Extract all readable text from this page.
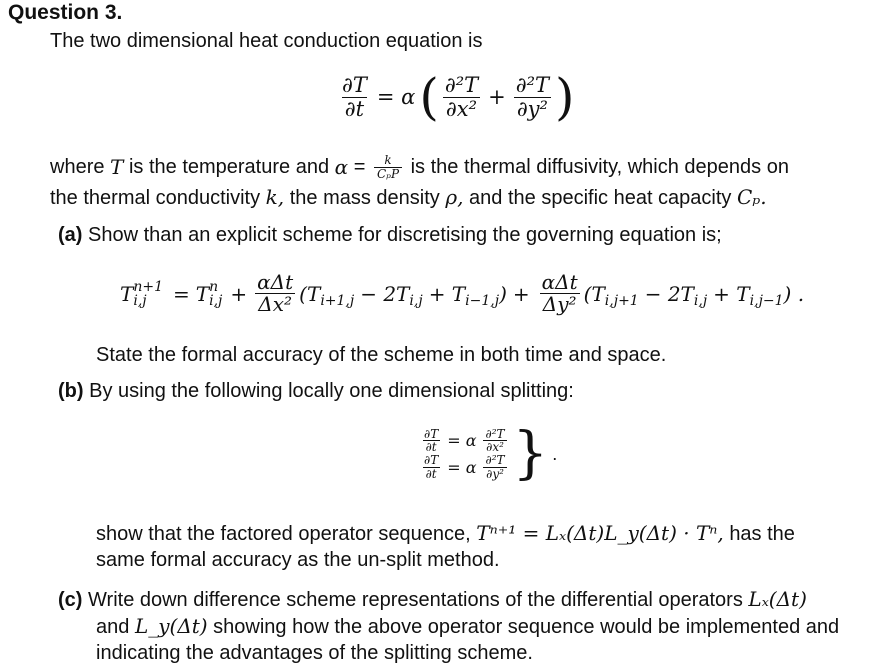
Question 3.
The two dimensional heat conduction equation is
$\frac{\partial T}{\partial t} = \alpha$ ( $\frac{\text{∂²T}}{\text{∂x²}} + \frac{\text{∂²T}}{\text{∂y²}}$ )
where
T
is the temperature and
α
=
$\frac{k}{\text{CₚΡ}}$
is the thermal diffusivity, which depends on
the thermal conductivity k, the mass density ρ, and the specific heat capacity Cₚ.
(a) Show than an explicit scheme for discretising the governing equation is;
T n+1
i,j	= T n
$i,j + \frac{\text{αΔt}}{\text{Δx²}} (T$ i+1,j − 2T i,j + T i−1,j ) + $\frac{\text{αΔt}}{\text{Δy²}} (T$ i,j+1 − 2T i,j + T i,j−1 ) .
State the formal accuracy of the scheme in both time and space.
(b) By using the following locally one dimensional splitting:
$\frac{\partial T}{\partial t} = \alpha \frac{\text{∂²T}}{\text{∂x²}}$
$\frac{\partial T}{\partial t} = \alpha \frac{\text{∂²T}}{\text{∂y²}}$ } .
show that the factored operator sequence, Tⁿ⁺¹ = Lₓ(Δt)L_y(Δt) · Tⁿ, has the
same formal accuracy as the un-split method.
(c) Write down difference scheme representations of the differential operators Lₓ(Δt)
and L_y(Δt) showing how the above operator sequence would be implemented and
indicating the advantages of the splitting scheme.
